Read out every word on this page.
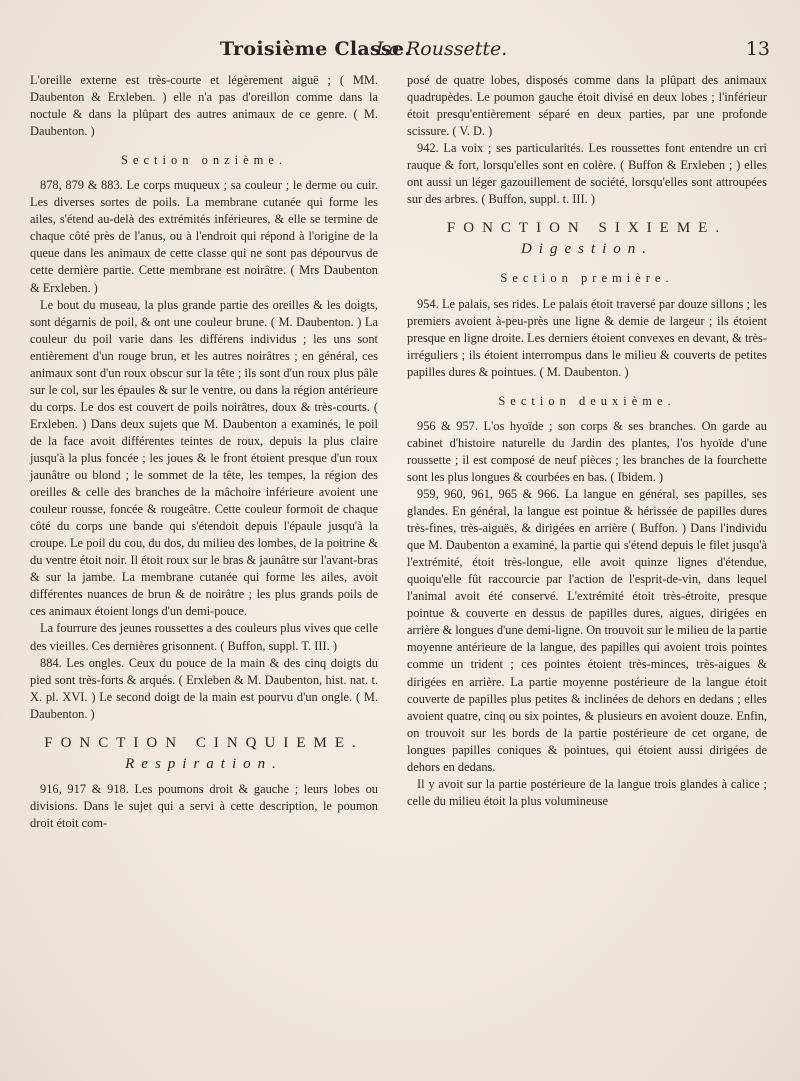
Troisième Classe.
La Roussette.	13

L'oreille externe est très-courte et légèrement aiguë ; ( MM. Daubenton & Erxleben. ) elle n'a pas d'oreillon comme dans la noctule & dans la plûpart des autres animaux de ce genre. ( M. Daubenton. )

Section onzième.

878, 879 & 883. Le corps muqueux ; sa couleur ; le derme ou cuir. Les diverses sortes de poils. La membrane cutanée qui forme les ailes, s'étend au-delà des extrémités inférieures, & elle se termine de chaque côté près de l'anus, ou à l'endroit qui répond à l'origine de la queue dans les animaux de cette classe qui ne sont pas dépourvus de cette dernière partie. Cette membrane est noirâtre. ( Mrs Daubenton & Erxleben. )

Le bout du museau, la plus grande partie des oreilles & les doigts, sont dégarnis de poil, & ont une couleur brune. ( M. Daubenton. ) La couleur du poil varie dans les différens individus ; les uns sont entièrement d'un rouge brun, et les autres noirâtres ; en général, ces animaux sont d'un roux obscur sur la tête ; ils sont d'un roux plus pâle sur le col, sur les épaules & sur le ventre, ou dans la région antérieure du corps. Le dos est couvert de poils noirâtres, doux & très-courts. ( Erxleben. ) Dans deux sujets que M. Daubenton a examinés, le poil de la face avoit différentes teintes de roux, depuis la plus claire jusqu'à la plus foncée ; les joues & le front étoient presque d'un roux jaunâtre ou blond ; le sommet de la tête, les tempes, la région des oreilles & celle des branches de la mâchoire inférieure avoient une couleur rousse, foncée & rougeâtre. Cette couleur formoit de chaque côté du corps une bande qui s'étendoit depuis l'épaule jusqu'à la croupe. Le poil du cou, du dos, du milieu des lombes, de la poitrine & du ventre étoit noir. Il étoit roux sur le bras & jaunâtre sur l'avant-bras & sur la jambe. La membrane cutanée qui forme les ailes, avoit différentes nuances de brun & de noirâtre ; les plus grands poils de ces animaux étoient longs d'un demi-pouce.

La fourrure des jeunes roussettes a des couleurs plus vives que celle des vieilles. Ces dernières grisonnent. ( Buffon, suppl. T. III. )

884. Les ongles. Ceux du pouce de la main & des cinq doigts du pied sont très-forts & arqués. ( Erxleben & M. Daubenton, hist. nat. t. X. pl. XVI. ) Le second doigt de la main est pourvu d'un ongle. ( M. Daubenton. )

FONCTION CINQUIEME.
Respiration.

916, 917 & 918. Les poumons droit & gauche ; leurs lobes ou divisions. Dans le sujet qui a servi à cette description, le poumon droit étoit com-

posé de quatre lobes, disposés comme dans la plûpart des animaux quadrupèdes. Le poumon gauche étoit divisé en deux lobes ; l'inférieur étoit presqu'entièrement séparé en deux parties, par une profonde scissure. ( V. D. )

942. La voix ; ses particularités. Les roussettes font entendre un cri rauque & fort, lorsqu'elles sont en colère. ( Buffon & Erxleben ; ) elles ont aussi un léger gazouillement de société, lorsqu'elles sont attroupées sur des arbres. ( Buffon, suppl. t. III. )

FONCTION SIXIEME.
Digestion.
Section première.

954. Le palais, ses rides. Le palais étoit traversé par douze sillons ; les premiers avoient à-peu-près une ligne & demie de largeur ; ils étoient presque en ligne droite. Les derniers étoient convexes en devant, & très-irréguliers ; ils étoient interrompus dans le milieu & couverts de petites papilles dures & pointues. ( M. Daubenton. )

Section deuxième.

956 & 957. L'os hyoïde ; son corps & ses branches. On garde au cabinet d'histoire naturelle du Jardin des plantes, l'os hyoïde d'une roussette ; il est composé de neuf pièces ; les branches de la fourchette sont les plus longues & courbées en bas. ( Ibidem. )

959, 960, 961, 965 & 966. La langue en général, ses papilles, ses glandes. En général, la langue est pointue & hérissée de papilles dures très-fines, très-aiguës, & dirigées en arrière ( Buffon. ) Dans l'individu que M. Daubenton a examiné, la partie qui s'étend depuis le filet jusqu'à l'extrémité, étoit très-longue, elle avoit quinze lignes d'étendue, quoiqu'elle fût raccourcie par l'action de l'esprit-de-vin, dans lequel l'animal avoit été conservé. L'extrémité étoit très-étroite, presque pointue & couverte en dessus de papilles dures, aigues, dirigées en arrière & longues d'une demi-ligne. On trouvoit sur le milieu de la partie moyenne antérieure de la langue, des papilles qui avoient trois pointes comme un trident ; ces pointes étoient très-minces, très-aigues & dirigées en arrière. La partie moyenne postérieure de la langue étoit couverte de papilles plus petites & inclinées de dehors en dedans ; elles avoient quatre, cinq ou six pointes, & plusieurs en avoient douze. Enfin, on trouvoit sur les bords de la partie postérieure de cet organe, de longues papilles coniques & pointues, qui étoient aussi dirigées de dehors en dedans.

Il y avoit sur la partie postérieure de la langue trois glandes à calice ; celle du milieu étoit la plus volumineuse
